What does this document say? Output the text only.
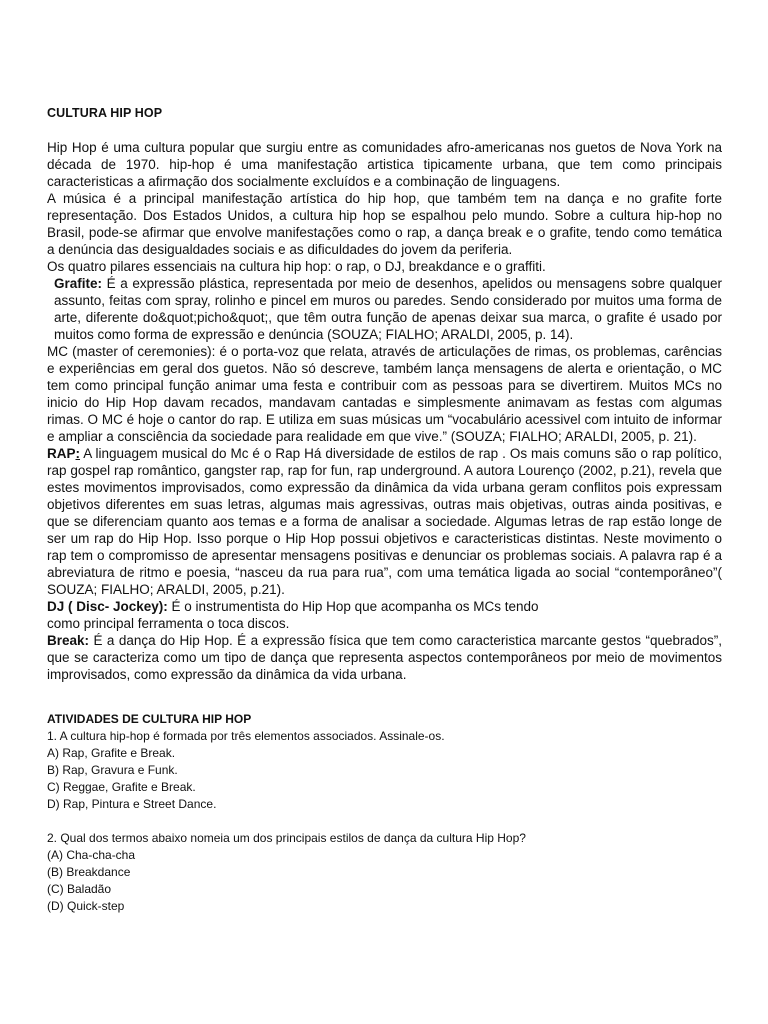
CULTURA HIP HOP

Hip Hop é uma cultura popular que surgiu entre as comunidades afro-americanas nos guetos de Nova York na década de 1970. hip-hop é uma manifestação artistica tipicamente urbana, que tem como principais caracteristicas a afirmação dos socialmente excluídos e a combinação de linguagens.

A música é a principal manifestação artística do hip hop, que também tem na dança e no grafite forte representação. Dos Estados Unidos, a cultura hip hop se espalhou pelo mundo. Sobre a cultura hip-hop no Brasil, pode-se afirmar que envolve manifestações como o rap, a dança break e o grafite, tendo como temática a denúncia das desigualdades sociais e as dificuldades do jovem da periferia.

Os quatro pilares essenciais na cultura hip hop: o rap, o DJ, breakdance e o graffiti.

Grafite: É a expressão plástica, representada por meio de desenhos, apelidos ou mensagens sobre qualquer assunto, feitas com spray, rolinho e pincel em muros ou paredes. Sendo considerado por muitos uma forma de arte, diferente do&quot;picho&quot;, que têm outra função de apenas deixar sua marca, o grafite é usado por muitos como forma de expressão e denúncia (SOUZA; FIALHO; ARALDI, 2005, p. 14).

MC (master of ceremonies): é o porta-voz que relata, através de articulações de rimas, os problemas, carências e experiências em geral dos guetos. Não só descreve, também lança mensagens de alerta e orientação, o MC tem como principal função animar uma festa e contribuir com as pessoas para se divertirem. Muitos MCs no inicio do Hip Hop davam recados, mandavam cantadas e simplesmente animavam as festas com algumas rimas. O MC é hoje o cantor do rap. E utiliza em suas músicas um “vocabulário acessivel com intuito de informar e ampliar a consciência da sociedade para realidade em que vive.” (SOUZA; FIALHO; ARALDI, 2005, p. 21).

RAP: A linguagem musical do Mc é o Rap Há diversidade de estilos de rap . Os mais comuns são o rap político, rap gospel rap romântico, gangster rap, rap for fun, rap underground. A autora Lourenço (2002, p.21), revela que estes movimentos improvisados, como expressão da dinâmica da vida urbana geram conflitos pois expressam objetivos diferentes em suas letras, algumas mais agressivas, outras mais objetivas, outras ainda positivas, e que se diferenciam quanto aos temas e a forma de analisar a sociedade. Algumas letras de rap estão longe de ser um rap do Hip Hop. Isso porque o Hip Hop possui objetivos e caracteristicas distintas. Neste movimento o rap tem o compromisso de apresentar mensagens positivas e denunciar os problemas sociais. A palavra rap é a abreviatura de ritmo e poesia, “nasceu da rua para rua”, com uma temática ligada ao social “contemporâneo”( SOUZA; FIALHO; ARALDI, 2005, p.21).

DJ ( Disc- Jockey): É o instrumentista do Hip Hop que acompanha os MCs tendo

como principal ferramenta o toca discos.

Break: É a dança do Hip Hop. É a expressão física que tem como caracteristica marcante gestos “quebrados”, que se caracteriza como um tipo de dança que representa aspectos contemporâneos por meio de movimentos improvisados, como expressão da dinâmica da vida urbana.

ATIVIDADES DE CULTURA HIP HOP

1. A cultura hip-hop é formada por três elementos associados. Assinale-os.

A) Rap, Grafite e Break.

B) Rap, Gravura e Funk.

C) Reggae, Grafite e Break.

D) Rap, Pintura e Street Dance.

2. Qual dos termos abaixo nomeia um dos principais estilos de dança da cultura Hip Hop?

(A) Cha-cha-cha

(B) Breakdance

(C) Baladão

(D) Quick-step
